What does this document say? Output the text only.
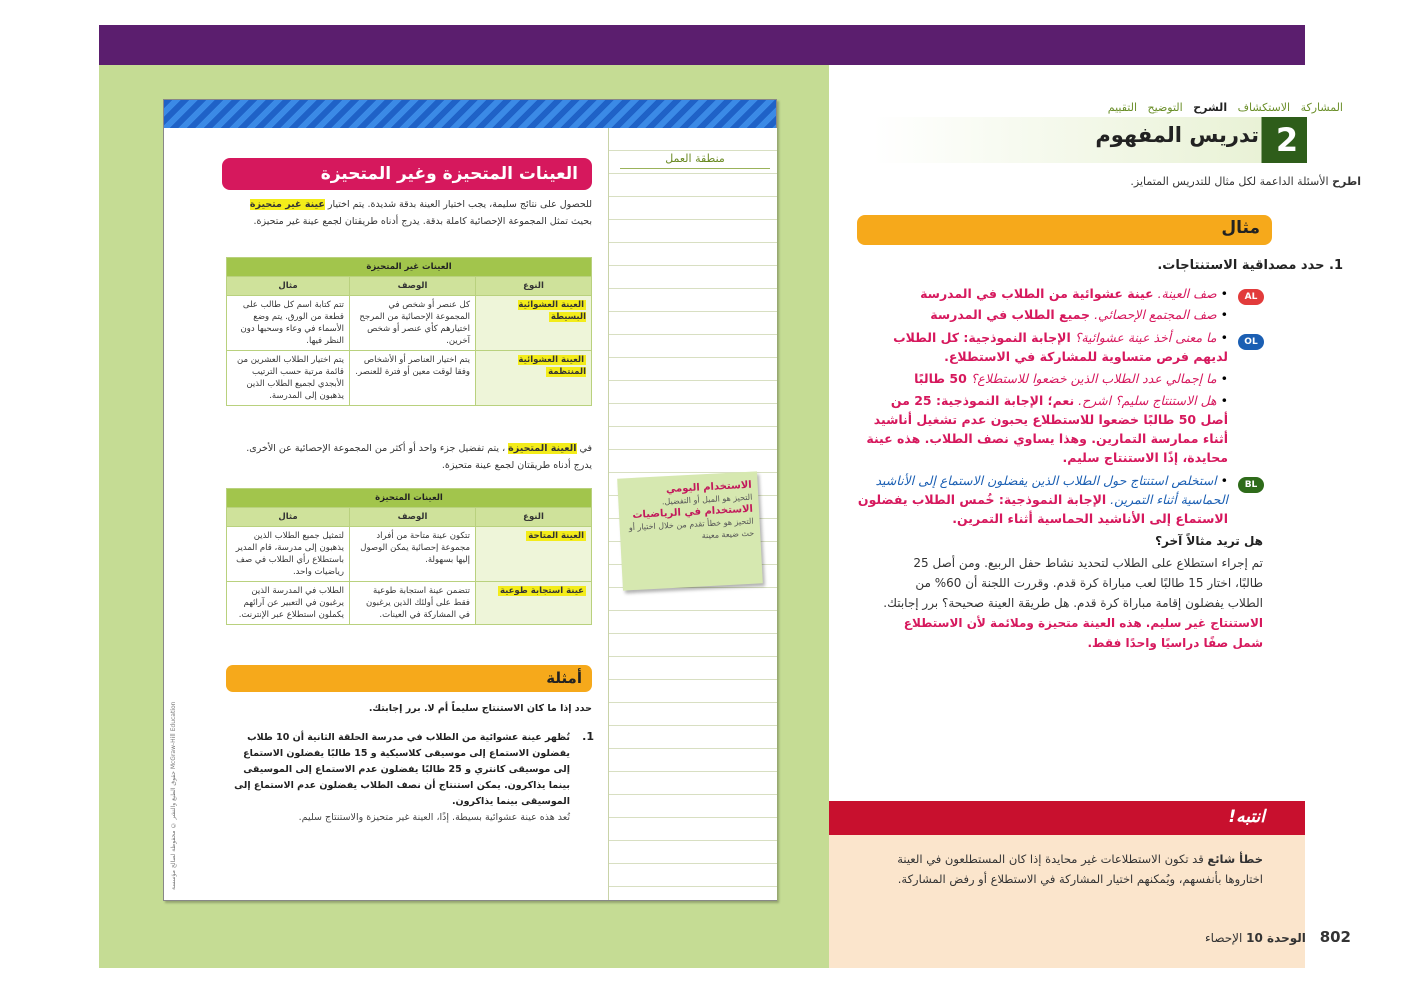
منطقة العمل
العينات المتحيزة وغير المتحيزة
للحصول على نتائج سليمة، يجب اختيار العينة بدقة شديدة. يتم اختيار عينة غير متحيزة بحيث تمثل المجموعة الإحصائية كاملة بدقة. يدرج أدناه طريقتان لجمع عينة غير متحيزة.
العينات غير المتحيزة		
النوع	الوصف	مثال
العينة العشوائية البسيطة	كل عنصر أو شخص في المجموعة الإحصائية من المرجح اختيارهم كأي عنصر أو شخص آخرين.	تتم كتابة اسم كل طالب على قطعة من الورق. يتم وضع الأسماء في وعاء وسحبها دون النظر فيها.
العينة العشوائية المنتظمة	يتم اختيار العناصر أو الأشخاص وفقا لوقت معين أو فترة للعنصر.	يتم اختيار الطلاب العشرين من قائمة مرتبة حسب الترتيب الأبجدي لجميع الطلاب الذين يذهبون إلى المدرسة.
في العينة المتحيزة ، يتم تفضيل جزء واحد أو أكثر من المجموعة الإحصائية عن الأخرى. يدرج أدناه طريقتان لجمع عينة متحيزة.
العينات المتحيزة		
النوع	الوصف	مثال
العينة المتاحة	تتكون عينة متاحة من أفراد مجموعة إحصائية يمكن الوصول إليها بسهولة.	لتمثيل جميع الطلاب الذين يذهبون إلى مدرسة، قام المدير باستطلاع رأي الطلاب في صف رياضيات واحد.
عينة استجابة طوعية	تتضمن عينة استجابة طوعية فقط على أولئك الذين يرغبون في المشاركة في العينات.	الطلاب في المدرسة الذين يرغبون في التعبير عن آرائهم يكملون استطلاع عبر الإنترنت.
الاستخدام اليومي
التحيز هو الميل أو التفضيل.
الاستخدام في الرياضيات
التحيز هو خطأ تقدم من خلال اختيار أو حث ضيعة معينة
أمثلة
حدد إذا ما كان الاستنتاج سليماً أم لا. برر إجابتك.
1.
تُظهر عينة عشوائية من الطلاب في مدرسة الحلقة الثانية أن 10 طلاب يفضلون الاستماع إلى موسيقى كلاسيكية و 15 طالبًا يفضلون الاستماع إلى موسيقى كانتري و 25 طالبًا يفضلون عدم الاستماع إلى الموسيقى بينما يذاكرون. يمكن استنتاج أن نصف الطلاب يفضلون عدم الاستماع إلى الموسيقى بينما يذاكرون.
تُعد هذه عينة عشوائية بسيطة. إذًا، العينة غير متحيزة والاستنتاج سليم.
حقوق الطبع والنشر © محفوظة لصالح مؤسسة McGraw-Hill Education
المشاركة   الاستكشاف   الشرح   التوضيح   التقييم
2
تدريس المفهوم
اطرح الأسئلة الداعمة لكل مثال للتدريس المتمايز.
مثال
1. حدد مصداقية الاستنتاجات.
AL
• صف العينة. عينة عشوائية من الطلاب في المدرسة
• صف المجتمع الإحصائي. جميع الطلاب في المدرسة
OL
• ما معنى أخذ عينة عشوائية؟ الإجابة النموذجية: كل الطلاب لديهم فرص متساوية للمشاركة في الاستطلاع.
• ما إجمالي عدد الطلاب الذين خضعوا للاستطلاع؟ 50 طالبًا
• هل الاستنتاج سليم؟ اشرح. نعم؛ الإجابة النموذجية: 25 من أصل 50 طالبًا خضعوا للاستطلاع يحبون عدم تشغيل أناشيد أثناء ممارسة التمارين. وهذا يساوي نصف الطلاب. هذه عينة محايدة، إذًا الاستنتاج سليم.
BL
• استخلص استنتاج حول الطلاب الذين يفضلون الاستماع إلى الأناشيد الحماسية أثناء التمرين. الإجابة النموذجية: خُمس الطلاب يفضلون الاستماع إلى الأناشيد الحماسية أثناء التمرين.
هل تريد مثالاً آخر؟
تم إجراء استطلاع على الطلاب لتحديد نشاط حفل الربيع. ومن أصل 25 طالبًا، اختار 15 طالبًا لعب مباراة كرة قدم. وقررت اللجنة أن 60% من الطلاب يفضلون إقامة مباراة كرة قدم. هل طريقة العينة صحيحة؟ برر إجابتك. الاستنتاج غير سليم. هذه العينة متحيزة وملائمة لأن الاستطلاع شمل صفًا دراسيًا واحدًا فقط.
انتبه!
خطأ شائع قد تكون الاستطلاعات غير محايدة إذا كان المستطلعون في العينة اختاروها بأنفسهم، ويُمكنهم اختيار المشاركة في الاستطلاع أو رفض المشاركة.
802 الوحدة 10 الإحصاء
